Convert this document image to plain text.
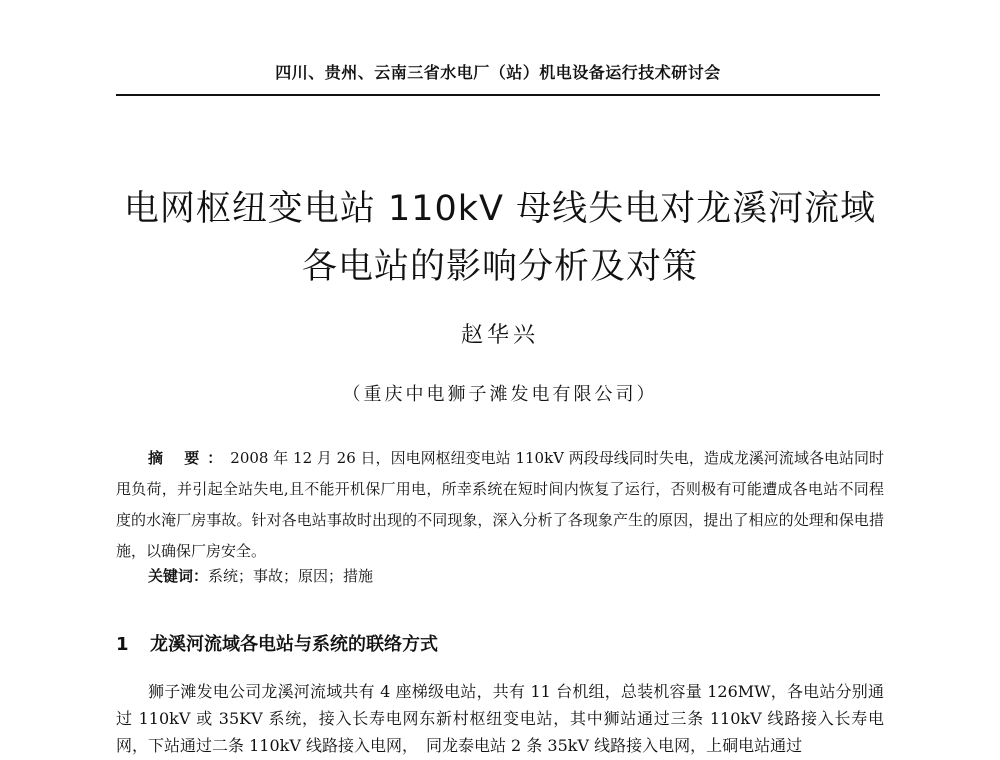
四川、贵州、云南三省水电厂（站）机电设备运行技术研讨会
电网枢纽变电站 110kV 母线失电对龙溪河流域
各电站的影响分析及对策
赵华兴
（重庆中电狮子滩发电有限公司）
摘 要：2008 年 12 月 26 日，因电网枢纽变电站 110kV 两段母线同时失电，造成龙溪河流域各电站同时甩负荷，并引起全站失电,且不能开机保厂用电，所幸系统在短时间内恢复了运行，否则极有可能遭成各电站不同程度的水淹厂房事故。针对各电站事故时出现的不同现象，深入分析了各现象产生的原因，提出了相应的处理和保电措施，以确保厂房安全。
关键词：系统；事故；原因；措施
1 龙溪河流域各电站与系统的联络方式
狮子滩发电公司龙溪河流域共有 4 座梯级电站，共有 11 台机组，总装机容量 126MW，各电站分别通过 110kV 或 35KV 系统，接入长寿电网东新村枢纽变电站，其中狮站通过三条 110kV 线路接入长寿电网，下站通过二条 110kV 线路接入电网，　同龙泰电站 2 条 35kV 线路接入电网，上硐电站通过
